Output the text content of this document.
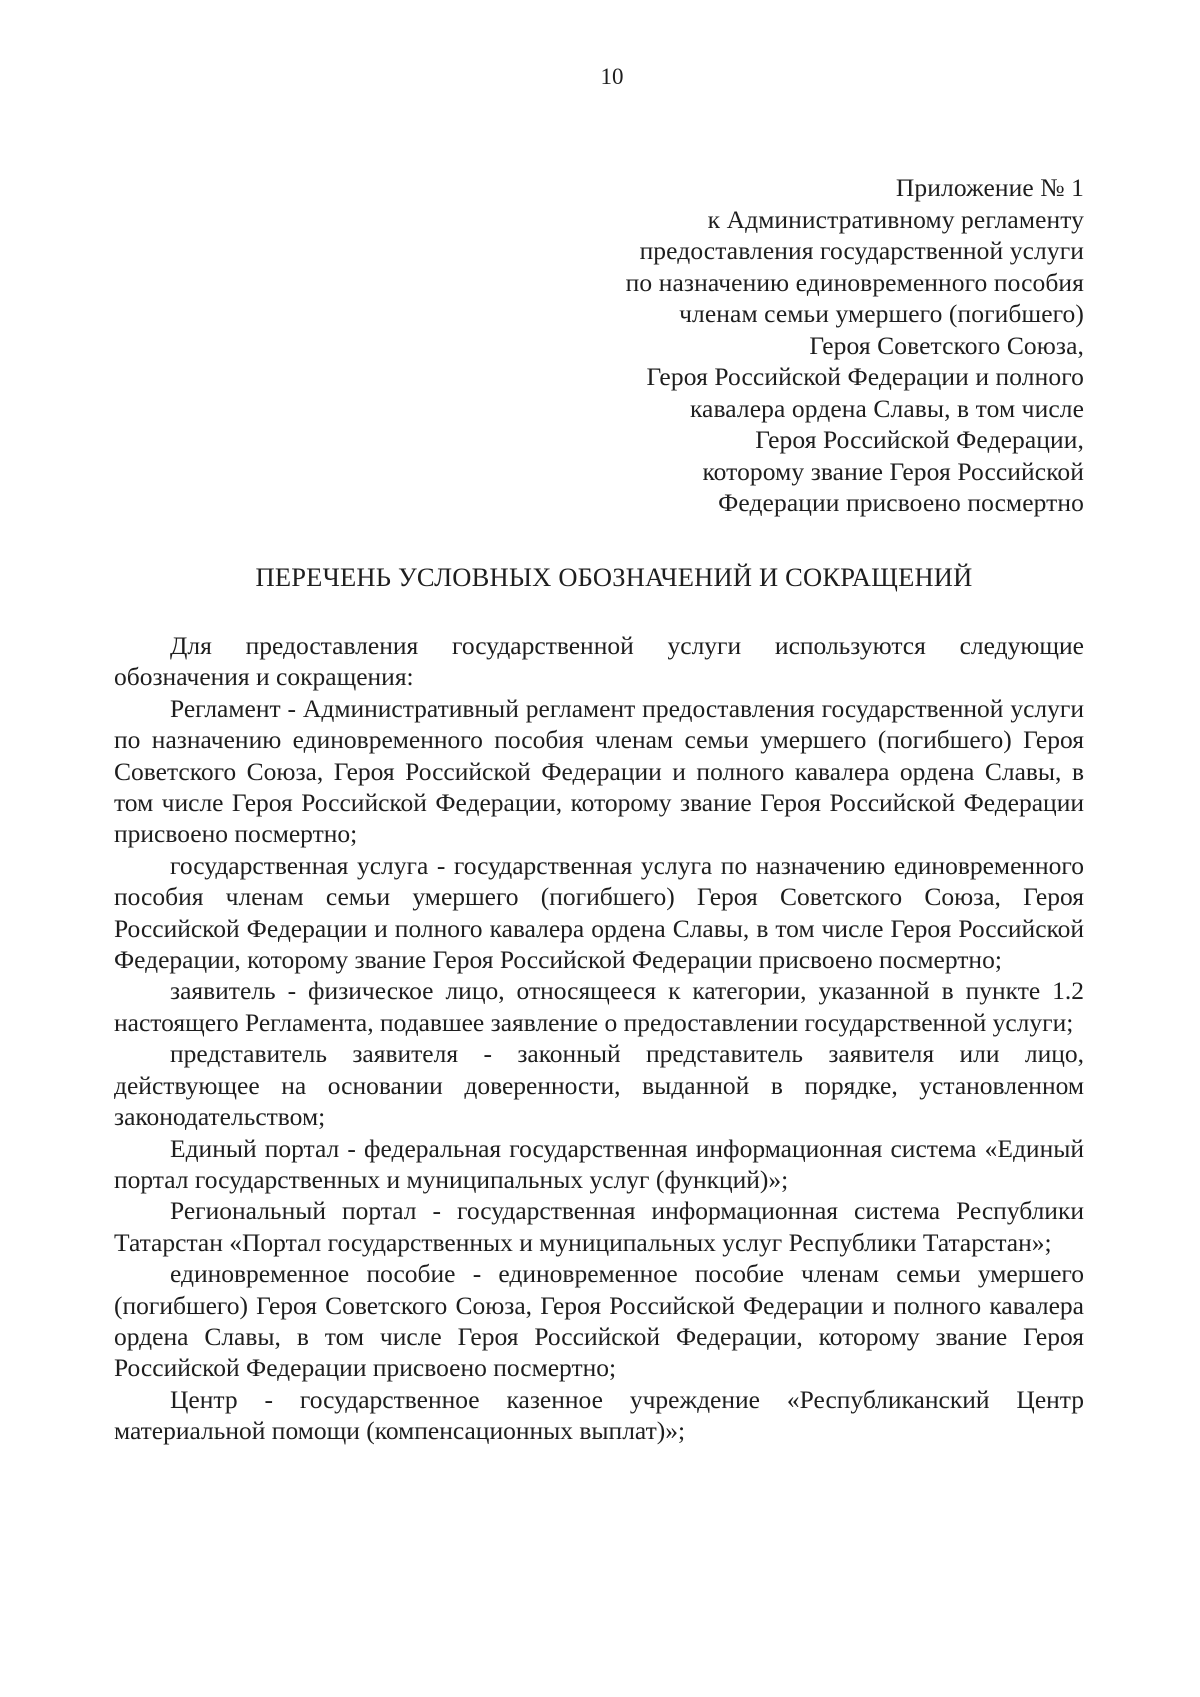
10
Приложение № 1
к Административному регламенту
предоставления государственной услуги
по назначению единовременного пособия
членам семьи умершего (погибшего)
Героя Советского Союза,
Героя Российской Федерации и полного
кавалера ордена Славы, в том числе
Героя Российской Федерации,
которому звание Героя Российской
Федерации присвоено посмертно
ПЕРЕЧЕНЬ УСЛОВНЫХ ОБОЗНАЧЕНИЙ И СОКРАЩЕНИЙ

Для предоставления государственной услуги используются следующие обозначения и сокращения:

Регламент - Административный регламент предоставления государственной услуги по назначению единовременного пособия членам семьи умершего (погибшего) Героя Советского Союза, Героя Российской Федерации и полного кавалера ордена Славы, в том числе Героя Российской Федерации, которому звание Героя Российской Федерации присвоено посмертно;

государственная услуга - государственная услуга по назначению единовременного пособия членам семьи умершего (погибшего) Героя Советского Союза, Героя Российской Федерации и полного кавалера ордена Славы, в том числе Героя Российской Федерации, которому звание Героя Российской Федерации присвоено посмертно;

заявитель - физическое лицо, относящееся к категории, указанной в пункте 1.2 настоящего Регламента, подавшее заявление о предоставлении государственной услуги;

представитель заявителя - законный представитель заявителя или лицо, действующее на основании доверенности, выданной в порядке, установленном законодательством;

Единый портал - федеральная государственная информационная система «Единый портал государственных и муниципальных услуг (функций)»;

Региональный портал - государственная информационная система Республики Татарстан «Портал государственных и муниципальных услуг Республики Татарстан»;

единовременное пособие - единовременное пособие членам семьи умершего (погибшего) Героя Советского Союза, Героя Российской Федерации и полного кавалера ордена Славы, в том числе Героя Российской Федерации, которому звание Героя Российской Федерации присвоено посмертно;

Центр - государственное казенное учреждение «Республиканский Центр материальной помощи (компенсационных выплат)»;
